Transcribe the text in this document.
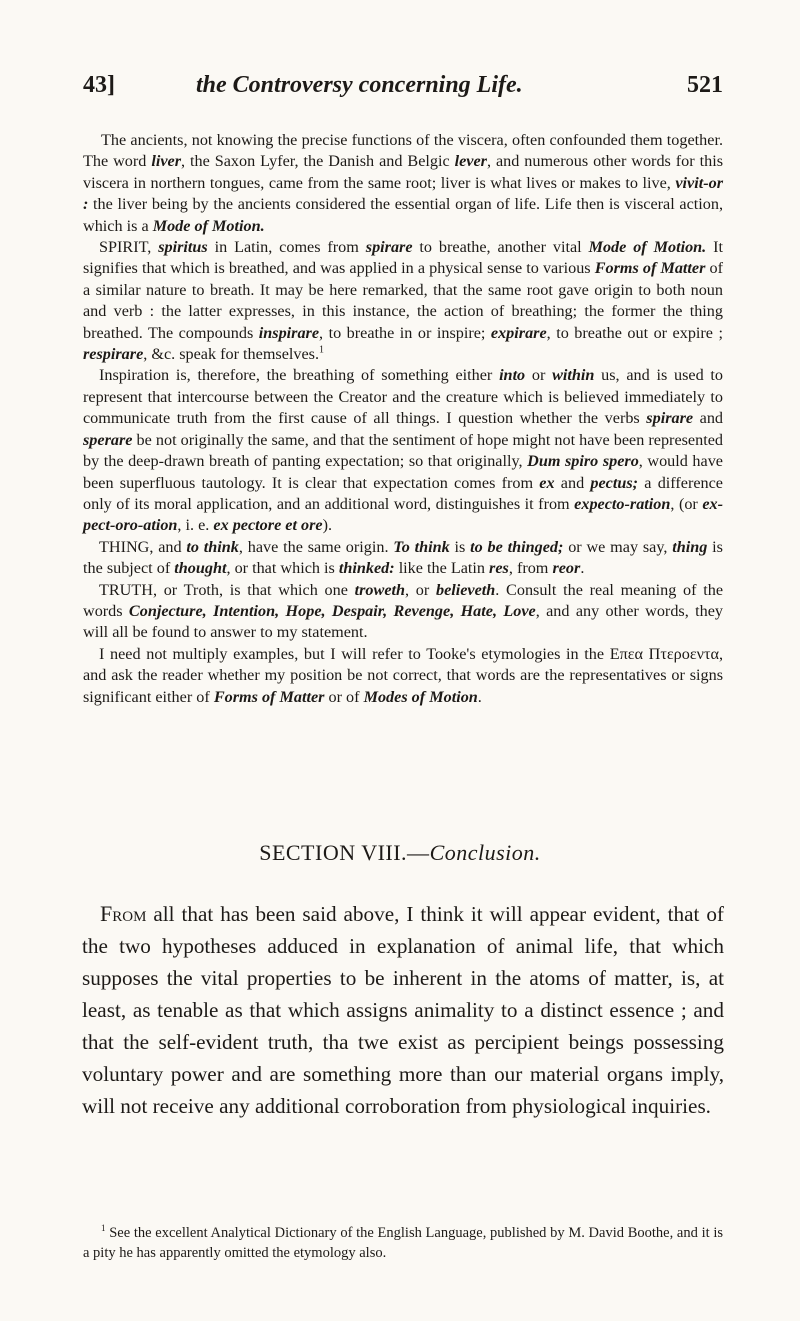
43]	the Controversy concerning Life.	521

The ancients, not knowing the precise functions of the viscera, often confounded them together. The word liver, the Saxon Lyfer, the Danish and Belgic lever, and numerous other words for this viscera in northern tongues, came from the same root; liver is what lives or makes to live, vivit-or : the liver being by the ancients considered the essential organ of life. Life then is visceral action, which is a Mode of Motion.

SPIRIT, spiritus in Latin, comes from spirare to breathe, another vital Mode of Motion. It signifies that which is breathed, and was applied in a physical sense to various Forms of Matter of a similar nature to breath. It may be here remarked, that the same root gave origin to both noun and verb : the latter expresses, in this instance, the action of breathing; the former the thing breathed. The compounds inspirare, to breathe in or inspire; expirare, to breathe out or expire ; respirare, &c. speak for themselves.$^1$

Inspiration is, therefore, the breathing of something either into or within us, and is used to represent that intercourse between the Creator and the creature which is believed immediately to communicate truth from the first cause of all things. I question whether the verbs spirare and sperare be not originally the same, and that the sentiment of hope might not have been represented by the deep-drawn breath of panting expectation; so that originally, Dum spiro spero, would have been superfluous tautology. It is clear that expectation comes from ex and pectus; a difference only of its moral application, and an additional word, distinguishes it from expecto-ration, (or ex-pect-oro-ation, i. e. ex pectore et ore).

THING, and to think, have the same origin. To think is to be thinged; or we may say, thing is the subject of thought, or that which is thinked: like the Latin res, from reor.

TRUTH, or Troth, is that which one troweth, or believeth. Consult the real meaning of the words Conjecture, Intention, Hope, Despair, Revenge, Hate, Love, and any other words, they will all be found to answer to my statement.

I need not multiply examples, but I will refer to Tooke's etymologies in the Επεα Πτεροεντα, and ask the reader whether my position be not correct, that words are the representatives or signs significant either of Forms of Matter or of Modes of Motion.

SECTION VIII.—Conclusion.

From all that has been said above, I think it will appear evident, that of the two hypotheses adduced in explanation of animal life, that which supposes the vital properties to be inherent in the atoms of matter, is, at least, as tenable as that which assigns animality to a distinct essence ; and that the self-evident truth, tha twe exist as percipient beings possessing voluntary power and are something more than our material organs imply, will not receive any additional corroboration from physiological inquiries.

$^1$ See the excellent Analytical Dictionary of the English Language, published by M. David Boothe, and it is a pity he has apparently omitted the etymology also.
